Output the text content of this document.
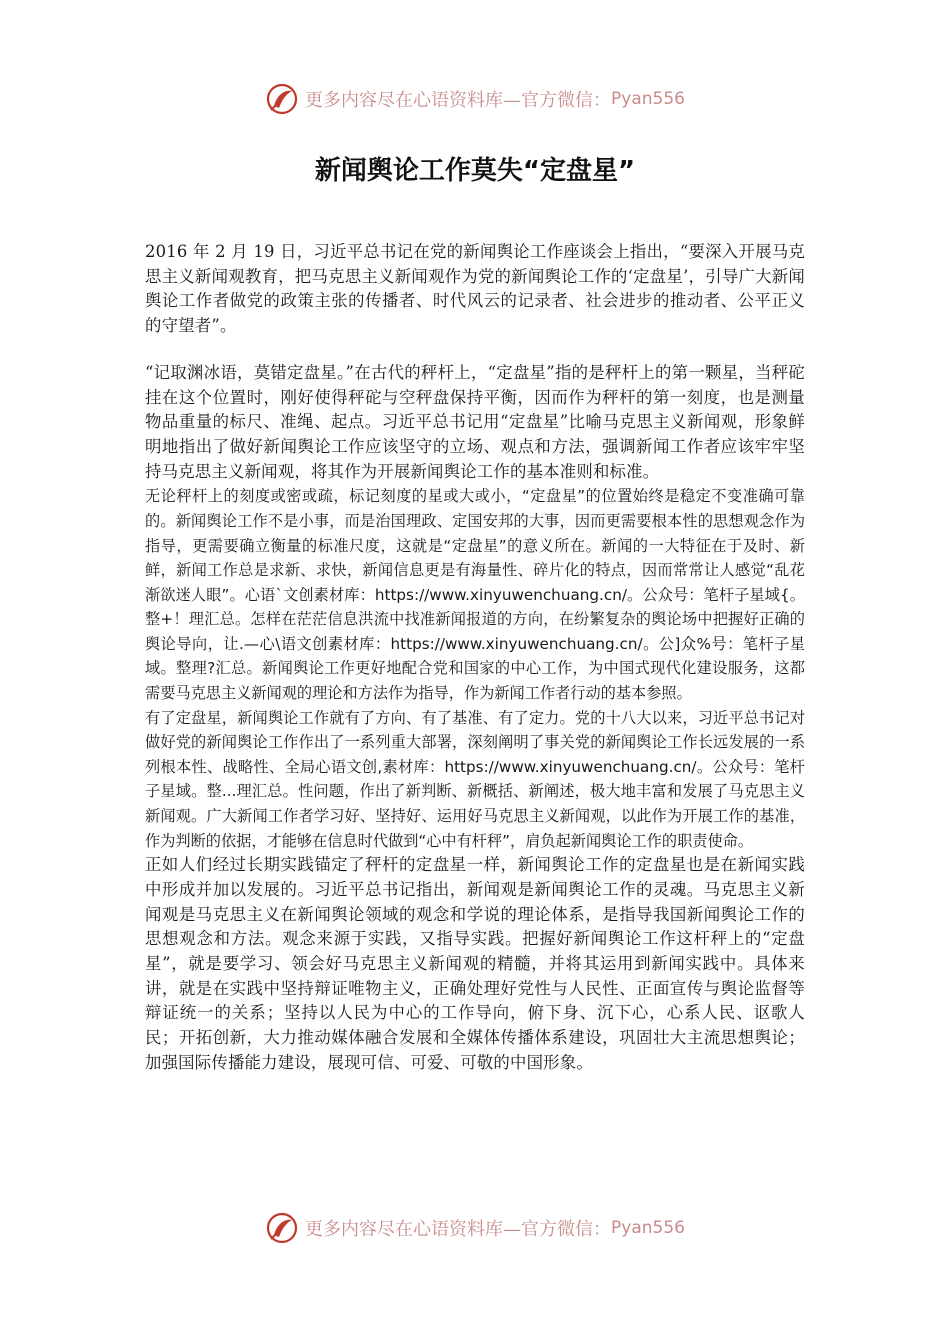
更多内容尽在心语资料库—官方微信： Pyan556
新闻舆论工作莫失“定盘星”

2016 年 2 月 19 日，习近平总书记在党的新闻舆论工作座谈会上指出，“要深入开展马克思主义新闻观教育，把马克思主义新闻观作为党的新闻舆论工作的‘定盘星’，引导广大新闻舆论工作者做党的政策主张的传播者、时代风云的记录者、社会进步的推动者、公平正义的守望者”。

“记取渊冰语，莫错定盘星。”在古代的秤杆上，“定盘星”指的是秤杆上的第一颗星，当秤砣挂在这个位置时，刚好使得秤砣与空秤盘保持平衡，因而作为秤杆的第一刻度，也是测量物品重量的标尺、准绳、起点。习近平总书记用“定盘星”比喻马克思主义新闻观，形象鲜明地指出了做好新闻舆论工作应该坚守的立场、观点和方法，强调新闻工作者应该牢牢坚持马克思主义新闻观，将其作为开展新闻舆论工作的基本准则和标准。

无论秤杆上的刻度或密或疏，标记刻度的星或大或小，“定盘星”的位置始终是稳定不变准确可靠的。新闻舆论工作不是小事，而是治国理政、定国安邦的大事，因而更需要根本性的思想观念作为指导，更需要确立衡量的标准尺度，这就是“定盘星”的意义所在。新闻的一大特征在于及时、新鲜，新闻工作总是求新、求快，新闻信息更是有海量性、碎片化的特点，因而常常让人感觉“乱花渐欲迷人眼”。心语`文创素材库：https://www.xinyuwenchuang.cn/。公众号：笔杆子星域{。整+！理汇总。怎样在茫茫信息洪流中找准新闻报道的方向，在纷繁复杂的舆论场中把握好正确的舆论导向，让.—心\语文创素材库：https://www.xinyuwenchuang.cn/。公]众%号：笔杆子星域。整理?汇总。新闻舆论工作更好地配合党和国家的中心工作，为中国式现代化建设服务，这都需要马克思主义新闻观的理论和方法作为指导，作为新闻工作者行动的基本参照。

有了定盘星，新闻舆论工作就有了方向、有了基准、有了定力。党的十八大以来，习近平总书记对做好党的新闻舆论工作作出了一系列重大部署，深刻阐明了事关党的新闻舆论工作长远发展的一系列根本性、战略性、全局心语文创,素材库：https://www.xinyuwenchuang.cn/。公众号：笔杆子星域。整...理汇总。性问题，作出了新判断、新概括、新阐述，极大地丰富和发展了马克思主义新闻观。广大新闻工作者学习好、坚持好、运用好马克思主义新闻观，以此作为开展工作的基准，作为判断的依据，才能够在信息时代做到“心中有杆秤”，肩负起新闻舆论工作的职责使命。

正如人们经过长期实践锚定了秤杆的定盘星一样，新闻舆论工作的定盘星也是在新闻实践中形成并加以发展的。习近平总书记指出，新闻观是新闻舆论工作的灵魂。马克思主义新闻观是马克思主义在新闻舆论领域的观念和学说的理论体系，是指导我国新闻舆论工作的思想观念和方法。观念来源于实践，又指导实践。把握好新闻舆论工作这杆秤上的“定盘星”，就是要学习、领会好马克思主义新闻观的精髓，并将其运用到新闻实践中。具体来讲，就是在实践中坚持辩证唯物主义，正确处理好党性与人民性、正面宣传与舆论监督等辩证统一的关系；坚持以人民为中心的工作导向，俯下身、沉下心，心系人民、讴歌人民；开拓创新，大力推动媒体融合发展和全媒体传播体系建设，巩固壮大主流思想舆论；加强国际传播能力建设，展现可信、可爱、可敬的中国形象。

更多内容尽在心语资料库—官方微信： Pyan556
